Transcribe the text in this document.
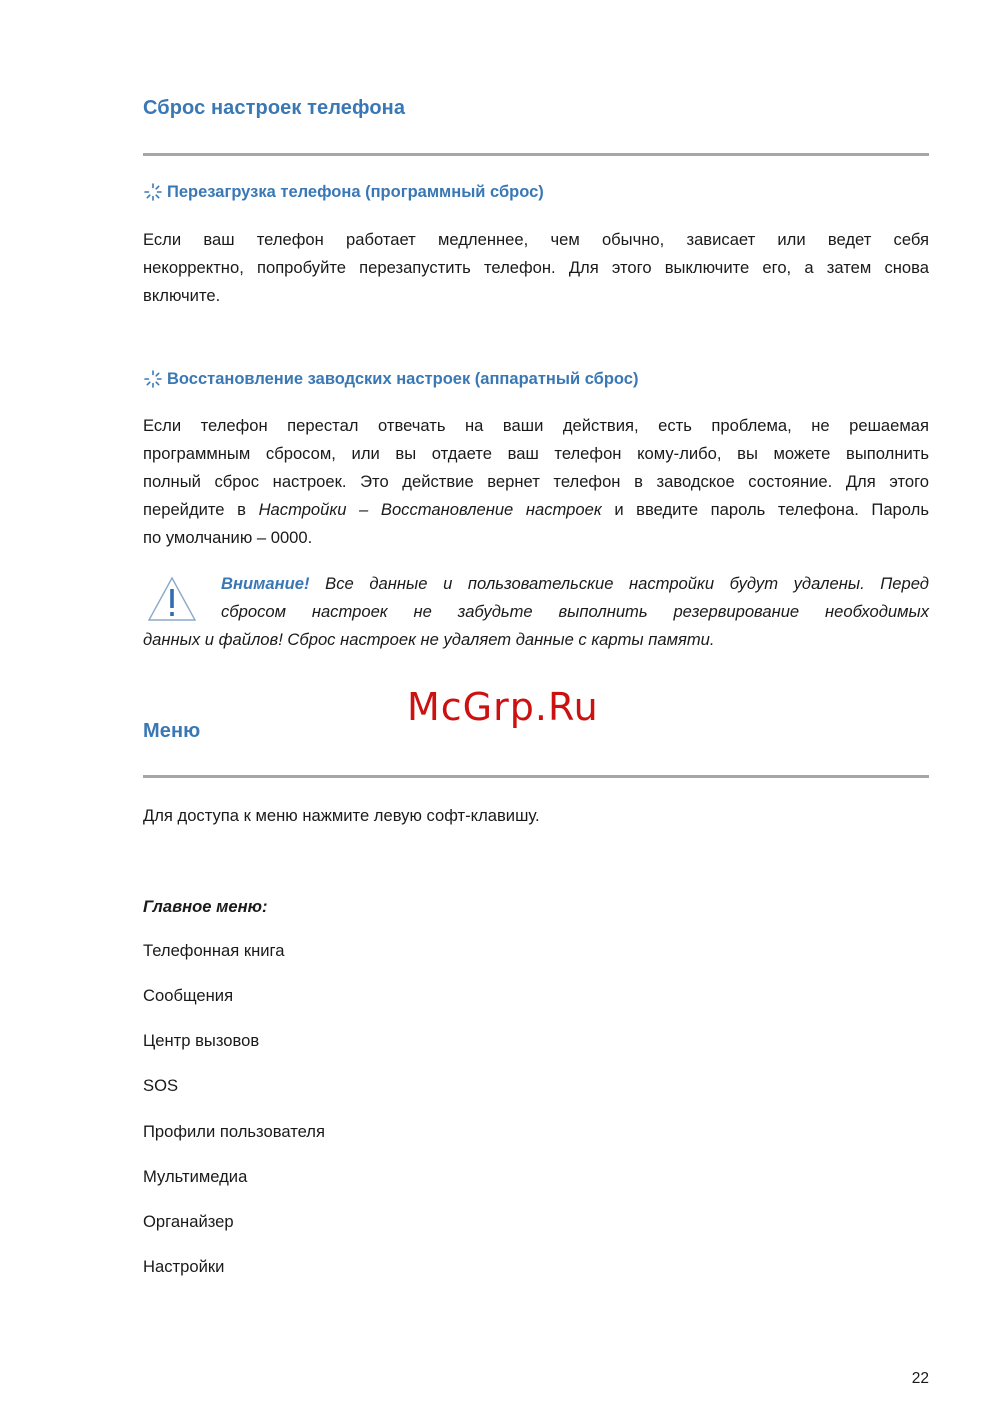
Сброс настроек телефона
Перезагрузка телефона (программный сброс)
Если ваш телефон работает медленнее, чем обычно, зависает или ведет себя
некорректно, попробуйте перезапустить телефон. Для этого выключите его, а затем снова
включите.
Восстановление заводских настроек (аппаратный сброс)
Если телефон перестал отвечать на ваши действия, есть проблема, не решаемая
программным сбросом, или вы отдаете ваш телефон кому-либо, вы можете выполнить
полный сброс настроек. Это действие вернет телефон в заводское состояние. Для этого
перейдите в Настройки – Восстановление настроек и введите пароль телефона. Пароль
по умолчанию – 0000.
Внимание! Все данные и пользовательские настройки будут удалены. Перед
сбросом настроек не забудьте выполнить резервирование необходимых
данных и файлов! Сброс настроек не удаляет данные с карты памяти.
McGrp.Ru
Меню
Для доступа к меню нажмите левую софт-клавишу.
Главное меню:
Телефонная книга
Сообщения
Центр вызовов
SOS
Профили пользователя
Мультимедиа
Органайзер
Настройки
22
